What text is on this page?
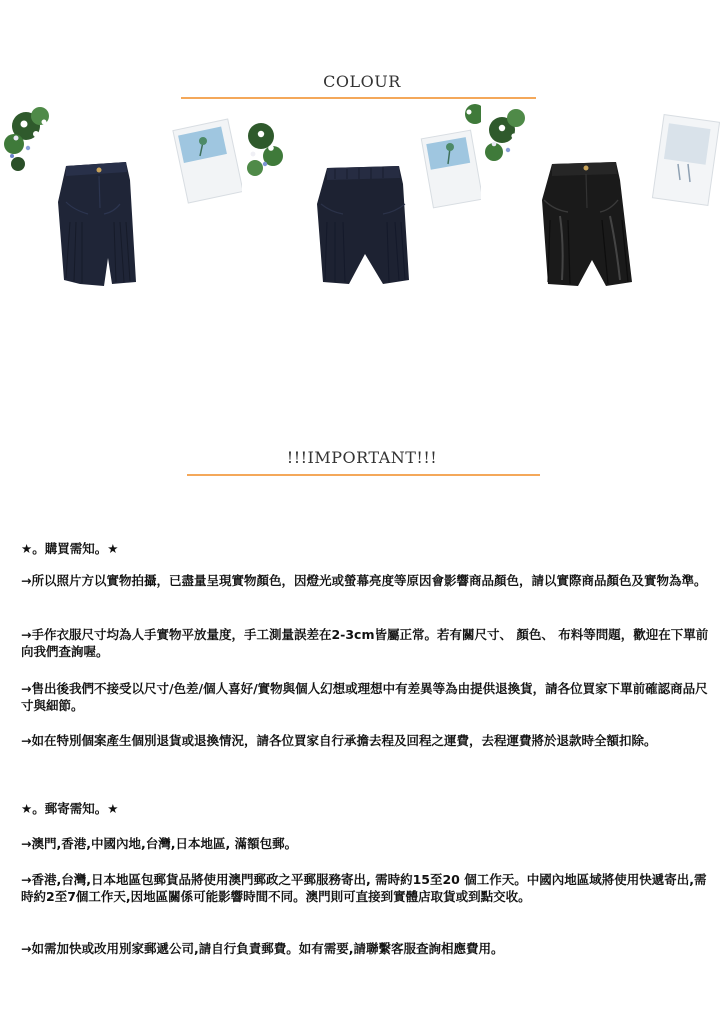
COLOUR
!!!IMPORTANT!!!

★。購買需知。★

→所以照片方以實物拍攝，已盡量呈現實物顏色，因燈光或螢幕亮度等原因會影響商品顏色，請以實際商品顏色及實物為準。

→手作衣服尺寸均為人手實物平放量度，手工測量誤差在2-3cm皆屬正常。若有關尺寸、 顏色、 布料等問題，歡迎在下單前向我們查詢喔。

→售出後我們不接受以尺寸/色差/個人喜好/實物與個人幻想或理想中有差異等為由提供退換貨，請各位買家下單前確認商品尺寸與細節。

→如在特別個案產生個別退貨或退換情況，請各位買家自行承擔去程及回程之運費，去程運費將於退款時全額扣除。

★。郵寄需知。★

→澳門,香港,中國內地,台灣,日本地區, 滿額包郵。

→香港,台灣,日本地區包郵貨品將使用澳門郵政之平郵服務寄出, 需時約15至20 個工作天。中國內地區域將使用快遞寄出,需時約2至7個工作天,因地區關係可能影響時間不同。澳門則可直接到實體店取貨或到點交收。

→如需加快或改用別家郵遞公司,請自行負責郵費。如有需要,請聯繫客服查詢相應費用。
